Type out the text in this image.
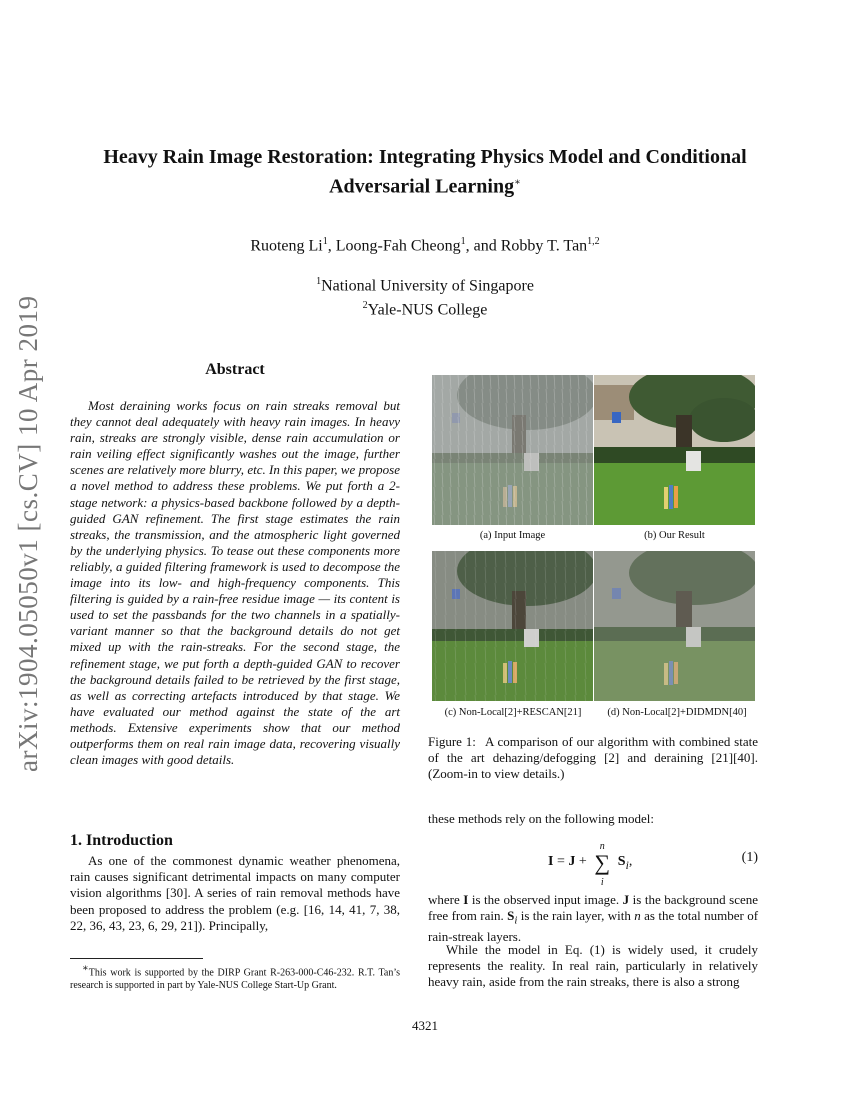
arXiv:1904.05050v1 [cs.CV] 10 Apr 2019
Heavy Rain Image Restoration: Integrating Physics Model and Conditional
Adversarial Learning∗
Ruoteng Li$^1$, Loong-Fah Cheong$^1$, and Robby T. Tan$^{1,2}$
$^1$National University of Singapore
$^2$Yale-NUS College
Abstract
Most deraining works focus on rain streaks removal but they cannot deal adequately with heavy rain images. In heavy rain, streaks are strongly visible, dense rain accumulation or rain veiling effect significantly washes out the image, further scenes are relatively more blurry, etc. In this paper, we propose a novel method to address these problems. We put forth a 2-stage network: a physics-based backbone followed by a depth-guided GAN refinement. The first stage estimates the rain streaks, the transmission, and the atmospheric light governed by the underlying physics. To tease out these components more reliably, a guided filtering framework is used to decompose the image into its low- and high-frequency components. This filtering is guided by a rain-free residue image — its content is used to set the passbands for the two channels in a spatially-variant manner so that the background details do not get mixed up with the rain-streaks. For the second stage, the refinement stage, we put forth a depth-guided GAN to recover the background details failed to be retrieved by the first stage, as well as correcting artefacts introduced by that stage. We have evaluated our method against the state of the art methods. Extensive experiments show that our method outperforms them on real rain image data, recovering visually clean images with good details.
1. Introduction
As one of the commonest dynamic weather phenomena, rain causes significant detrimental impacts on many computer vision algorithms [30]. A series of rain removal methods have been proposed to address the problem (e.g. [16, 14, 41, 7, 38, 22, 36, 43, 23, 6, 29, 21]). Principally,
∗This work is supported by the DIRP Grant R-263-000-C46-232. R.T. Tan’s research is supported in part by Yale-NUS College Start-Up Grant.
(a) Input Image	(b) Our Result
(c) Non-Local[2]+RESCAN[21]	(d) Non-Local[2]+DIDMDN[40]
Figure 1: A comparison of our algorithm with combined state of the art dehazing/defogging [2] and deraining [21][40]. (Zoom-in to view details.)
these methods rely on the following model:
I = J + ∑
n
i
$S_i$,	(1)
where I is the observed input image. J is the background scene free from rain. $S_i$ is the rain layer, with n as the total number of rain-streak layers.
While the model in Eq. (1) is widely used, it crudely represents the reality. In real rain, particularly in relatively heavy rain, aside from the rain streaks, there is also a strong
4321
